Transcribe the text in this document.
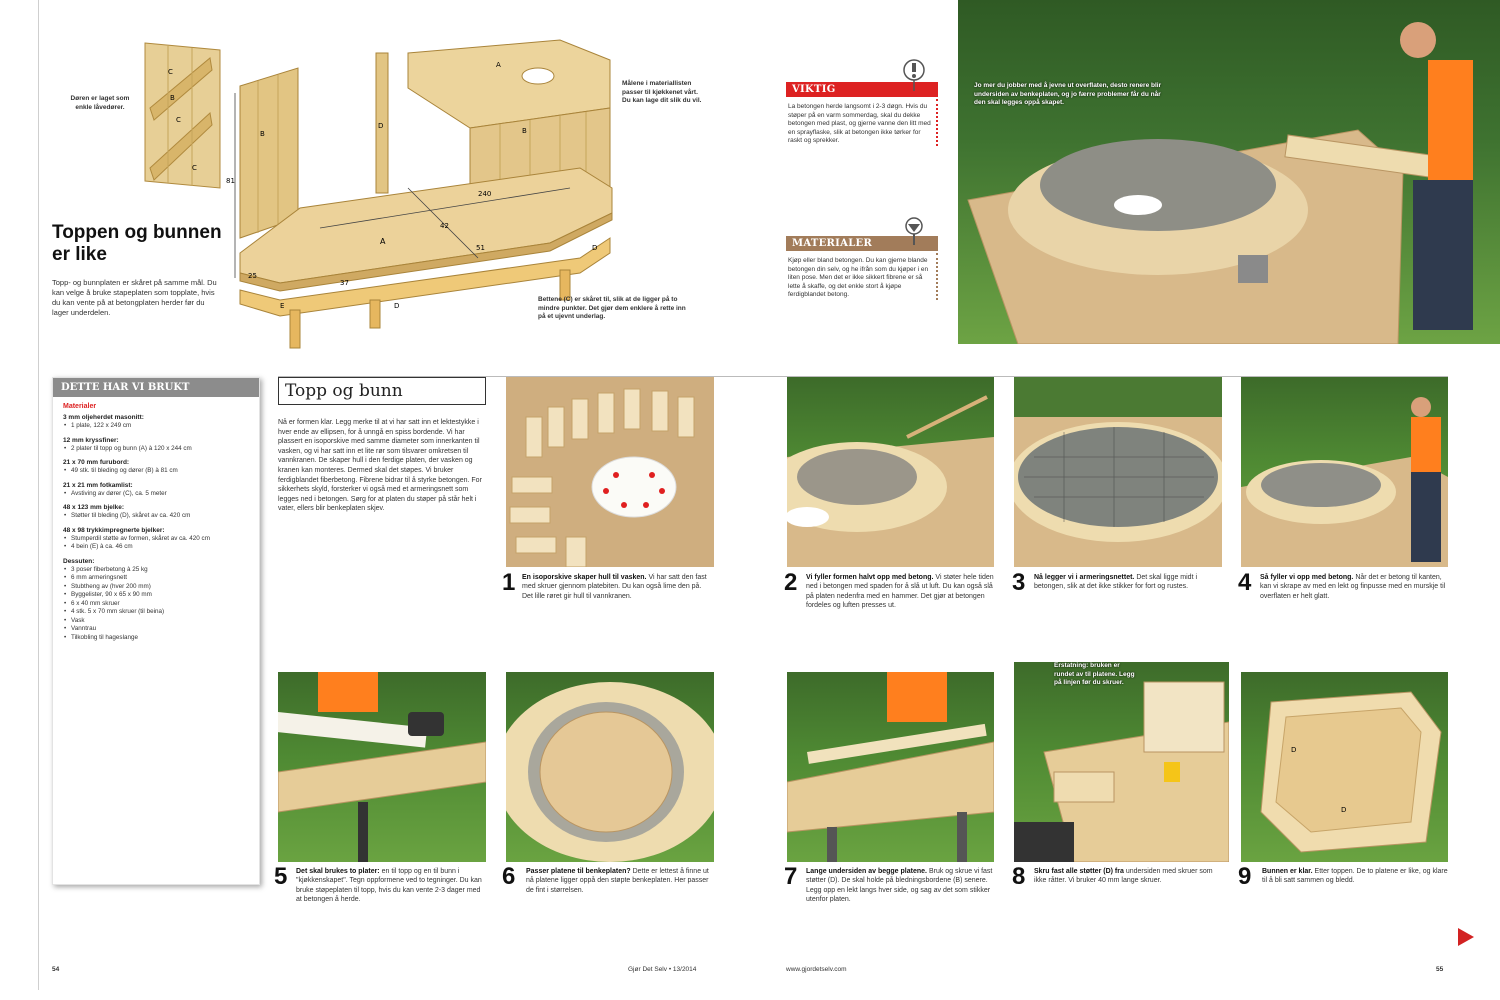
C
B
C
C
81
B
D
A
B
240
42
A
51
37
25
E	D
D
Døren er laget som enkle låvedører.
Målene i materiallisten passer til kjøkkenet vårt. Du kan lage dit slik du vil.
Bettene (C) er skåret til, slik at de ligger på to mindre punkter. Det gjør dem enklere å rette inn på et ujevnt underlag.
Toppen og bunnen er like
Topp- og bunnplaten er skåret på samme mål. Du kan velge å bruke stapeplaten som topplate, hvis du kan vente på at betongplaten herder før du lager underdelen.
VIKTIG
La betongen herde langsomt i 2-3 døgn. Hvis du støper på en varm sommerdag, skal du dekke betongen med plast, og gjerne vanne den litt med en sprayflaske, slik at betongen ikke tørker for raskt og sprekker.
MATERIALER
Kjøp eller bland betongen. Du kan gjerne blande betongen din selv, og he ifrån som du kjøper i en liten pose. Men det er ikke sikkert fibrene er så lette å skaffe, og det enkle stort å kjøpe ferdigblandet betong.
Jo mer du jobber med å jevne ut overflaten, desto renere blir undersiden av benkeplaten, og jo færre problemer får du når den skal legges oppå skapet.
DETTE HAR VI BRUKT
Materialer
3 mm oljeherdet masonitt:
• 1 plate, 122 x 249 cm
12 mm kryssfiner:
• 2 plater til topp og bunn (A) à 120 x 244 cm
21 x 70 mm furubord:
• 49 stk. til bleding og dører (B) à 81 cm
21 x 21 mm fotkamlist:
• Avstiving av dører (C), ca. 5 meter
48 x 123 mm bjelke:
• Støtter til bleding (D), skåret av ca. 420 cm
48 x 98 trykkimpregnerte bjelker:
• Stumperdil støtte av formen, skåret av ca. 420 cm
• 4 bein (E) à ca. 46 cm
Dessuten:
• 3 poser fiberbetong à 25 kg
• 6 mm armeringsnett
• Stubtheng av (hver 200 mm)
• Byggelister, 90 x 65 x 90 mm
• 6 x 40 mm skruer
• 4 stk. 5 x 70 mm skruer (til beina)
• Vask
• Vanntrau
• Tilkobling til hageslange
Topp og bunn
Nå er formen klar. Legg merke til at vi har satt inn et lektestykke i hver ende av ellipsen, for å unngå en spiss bordende. Vi har plassert en isoporskive med samme diameter som innerkanten til vasken, og vi har satt inn et lite rør som tilsvarer omkretsen til vannkranen. De skaper hull i den ferdige platen, der vasken og kranen kan monteres. Dermed skal det støpes. Vi bruker ferdigblandet fiberbetong. Fibrene bidrar til å styrke betongen. For sikkerhets skyld, forsterker vi også med et armeringsnett som legges ned i betongen. Sørg for at platen du støper på står helt i vater, ellers blir benkeplaten skjev.
1 En isoporskive skaper hull til vasken. Vi har satt den fast med skruer gjennom platebiten. Du kan også lime den på. Det lille røret gir hull til vannkranen.
2 Vi fyller formen halvt opp med betong. Vi støter hele tiden ned i betongen med spaden for å slå ut luft. Du kan også slå på platen nedenfra med en hammer. Det gjør at betongen fordeles og luften presses ut.
3 Nå legger vi i armeringsnettet. Det skal ligge midt i betongen, slik at det ikke stikker for fort og rustes.	4 Så fyller vi opp med betong. Når det er betong til kanten, kan vi skrape av med en lekt og finpusse med en murskje til overflaten er helt glatt.
5 Det skal brukes to plater: en til topp og en til bunn i "kjøkkenskapet". Tegn oppformene ved to tegninger. Du kan bruke støpeplaten til topp, hvis du kan vente 2-3 dager med at betongen å herde.
6 Passer platene til benkeplaten? Dette er lettest å finne ut nå platene ligger oppå den støpte benkeplaten. Her passer de fint i størrelsen.
7 Lange undersiden av begge platene. Bruk og skrue vi fast støtter (D). De skal holde på bledningsbordene (B) senere. Legg opp en lekt langs hver side, og sag av det som stikker utenfor platen.
Erstatning: bruken er rundet av til platene. Legg på linjen før du skruer.
8 Skru fast alle støtter (D) fra undersiden med skruer som ikke råtter. Vi bruker 40 mm lange skruer.
D
D
9 Bunnen er klar. Etter toppen. De to platene er like, og klare til å bli satt sammen og bledd.
54	Gjør Det Selv • 13/2014	www.gjordetselv.com	55
